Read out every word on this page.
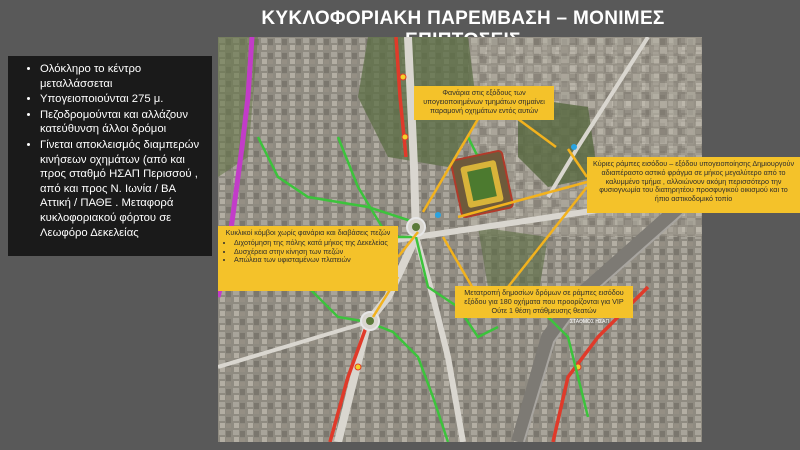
ΚΥΚΛΟΦΟΡΙΑΚΗ ΠΑΡΕΜΒΑΣΗ – ΜΟΝΙΜΕΣ
• Ολόκληρο το κέντρο μεταλλάσσεται
• Υπογειοποιούνται 275 μ.
• Πεζοδρομούνται και αλλάζουν κατεύθυνση άλλοι δρόμοι
• Γίνεται αποκλεισμός διαμπερών κινήσεων οχημάτων (από και προς σταθμό ΗΣΑΠ Περισσού , από και προς Ν. Ιωνία / ΒΑ Αττική / ΠΑΘΕ . Μεταφορά κυκλοφοριακού φόρτου σε Λεωφόρο Δεκελείας
ΣΤΑΘΜΟΣ ΗΣΑΠ
Φανάρια στις εξόδους των υπογειοποιημένων τμημάτων σημαίνει παραμονή οχημάτων εντός αυτών
Κύριες ράμπες εισόδου – εξόδου υπογειοποίησης Δημιουργούν αδιαπέραστο αστικό φράγμα σε μήκος μεγαλύτερο από το καλυμμένο τμήμα , αλλοιώνουν ακόμη περισσότερο την φυσιογνωμία του διατηρητέου προσφυγικού οικισμού και το ήπιο αστικοδομικό τοπίο
Κυκλικοί κόμβοι χωρίς φανάρια και διαβάσεις πεζών
• Διχοτόμηση της πόλης κατά μήκος της Δεκελείας
• Δυσχέρεια στην κίνηση των πεζών
• Απώλεια των υφισταμένων πλατειών
Μετατροπή δημοσίων δρόμων σε ράμπες εισόδου εξόδου για 180 οχήματα που προορίζονται για VIP Ούτε 1 θέση στάθμευσης θεατών
